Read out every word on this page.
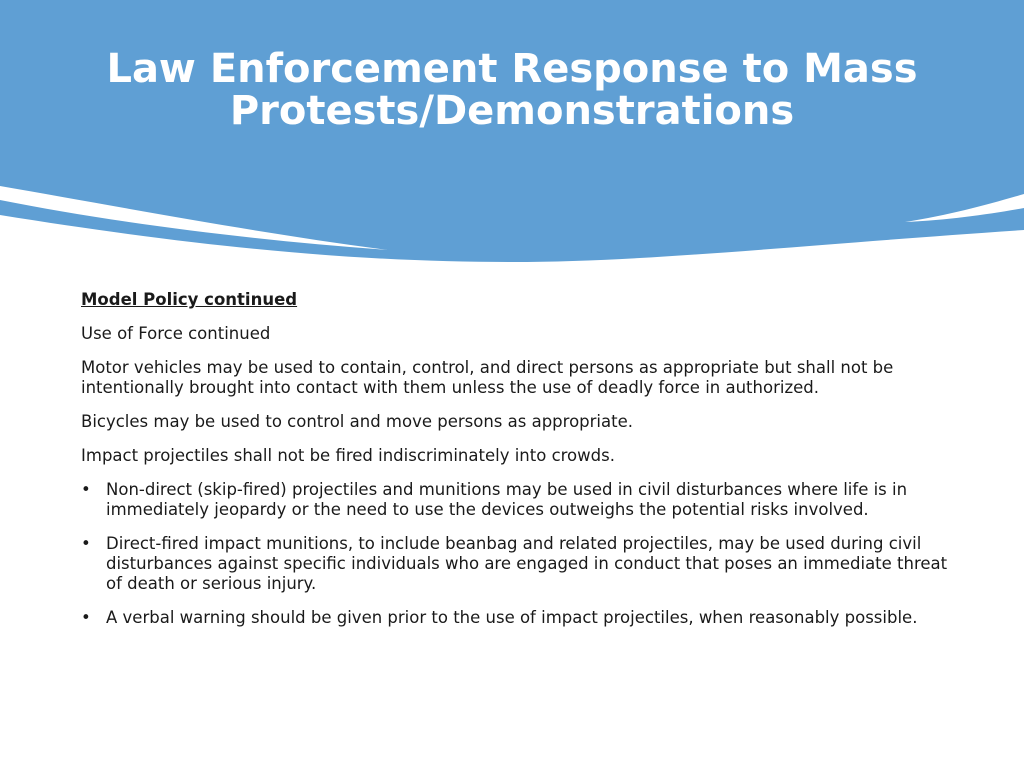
Law Enforcement Response to Mass
Protests/Demonstrations

Model Policy continued

Use of Force continued

Motor vehicles may be used to contain, control, and direct persons as appropriate but shall not be intentionally brought into contact with them unless the use of deadly force in authorized.

Bicycles may be used to control and move persons as appropriate.

Impact projectiles shall not be fired indiscriminately into crowds.

• Non-direct (skip-fired) projectiles and munitions may be used in civil disturbances where life is in immediately jeopardy or the need to use the devices outweighs the potential risks involved.
• Direct-fired impact munitions, to include beanbag and related projectiles, may be used during civil disturbances against specific individuals who are engaged in conduct that poses an immediate threat of death or serious injury.
• A verbal warning should be given prior to the use of impact projectiles, when reasonably possible.
